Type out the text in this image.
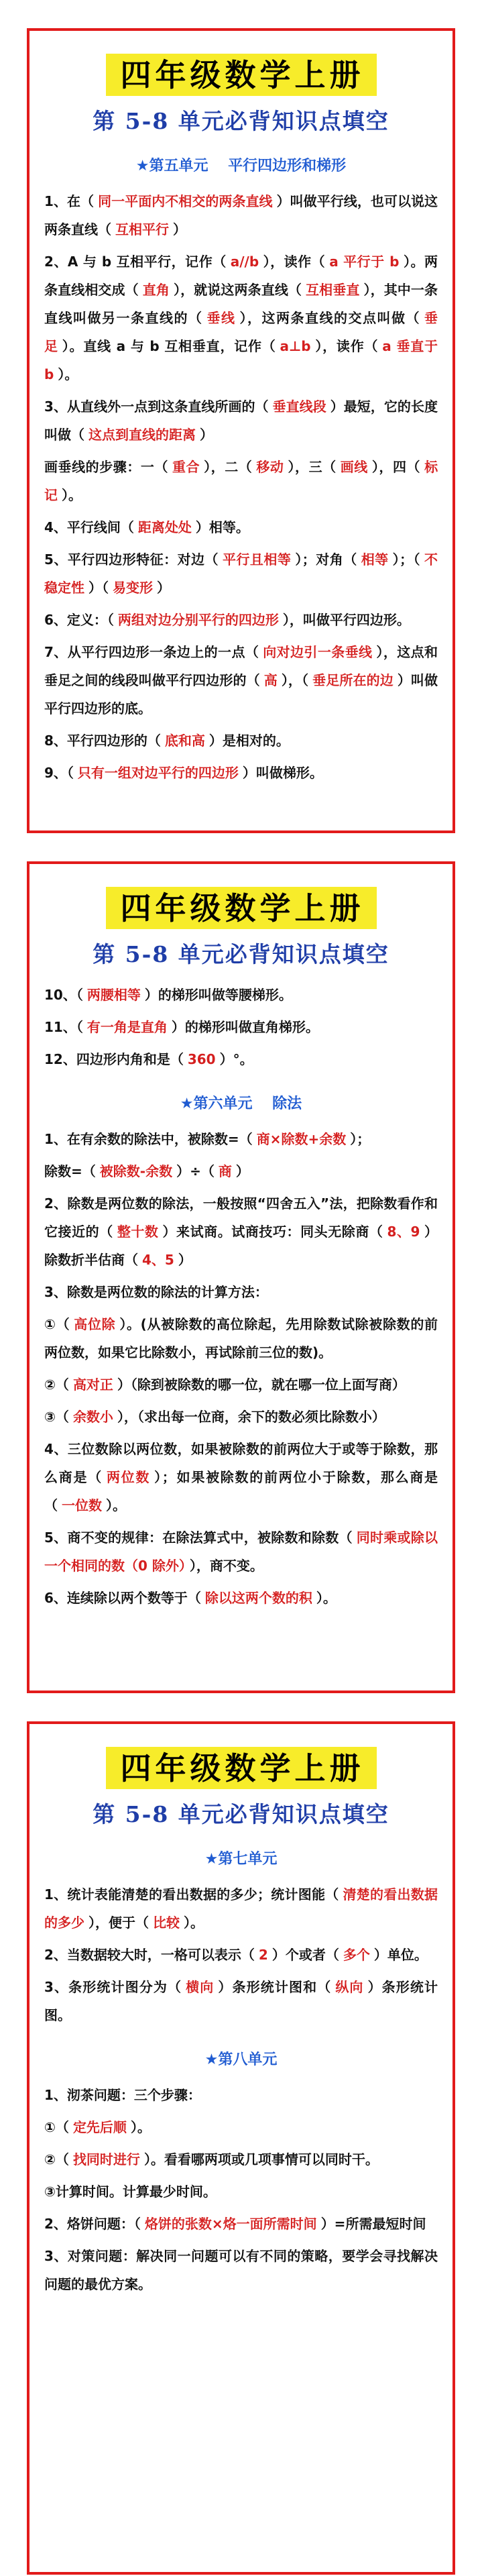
四年级数学上册
第 5-8 单元必背知识点填空
★第五单元　 平行四边形和梯形
1、在（ 同一平面内不相交的两条直线 ）叫做平行线，也可以说这两条直线（ 互相平行 ）
2、A 与 b 互相平行，记作（ a//b ），读作（ a 平行于 b ）。两条直线相交成（ 直角 ），就说这两条直线（ 互相垂直 ），其中一条直线叫做另一条直线的（ 垂线 ），这两条直线的交点叫做（ 垂足 ）。直线 a 与 b 互相垂直，记作（ a⊥b ），读作（ a 垂直于 b ）。
3、从直线外一点到这条直线所画的（ 垂直线段 ）最短，它的长度叫做（ 这点到直线的距离 ）
画垂线的步骤：一（ 重合 ），二（ 移动 ），三（ 画线 ），四（ 标记 ）。
4、平行线间（ 距离处处 ）相等。
5、平行四边形特征：对边（ 平行且相等 ）；对角（ 相等 ）；（ 不稳定性 ）（ 易变形 ）
6、定义：（ 两组对边分别平行的四边形 ），叫做平行四边形。
7、从平行四边形一条边上的一点（ 向对边引一条垂线 ），这点和垂足之间的线段叫做平行四边形的（ 高 ），（ 垂足所在的边 ）叫做平行四边形的底。
8、平行四边形的（ 底和高 ）是相对的。
9、（ 只有一组对边平行的四边形 ）叫做梯形。
四年级数学上册
第 5-8 单元必背知识点填空
10、（ 两腰相等 ）的梯形叫做等腰梯形。
11、（ 有一角是直角 ）的梯形叫做直角梯形。
12、四边形内角和是（ 360 ）°。
★第六单元　 除法
1、在有余数的除法中，被除数=（ 商×除数+余数 ）；
除数=（ 被除数-余数 ）÷（ 商 ）
2、除数是两位数的除法，一般按照“四舍五入”法，把除数看作和它接近的（ 整十数 ）来试商。试商技巧：同头无除商（ 8、9 ）除数折半估商（ 4、5 ）
3、除数是两位数的除法的计算方法：
①（ 高位除 ）。(从被除数的高位除起，先用除数试除被除数的前两位数，如果它比除数小，再试除前三位的数)。
②（ 高对正 ）（除到被除数的哪一位，就在哪一位上面写商）
③（ 余数小 ），（求出每一位商，余下的数必须比除数小）
4、三位数除以两位数，如果被除数的前两位大于或等于除数，那么商是（ 两位数 ）；如果被除数的前两位小于除数，那么商是（ 一位数 ）。
5、商不变的规律：在除法算式中，被除数和除数（ 同时乘或除以一个相同的数（0 除外） ），商不变。
6、连续除以两个数等于（ 除以这两个数的积 ）。
四年级数学上册
第 5-8 单元必背知识点填空
★第七单元
1、统计表能清楚的看出数据的多少；统计图能（ 清楚的看出数据的多少 ），便于（ 比较 ）。
2、当数据较大时，一格可以表示（ 2 ）个或者（ 多个 ）单位。
3、条形统计图分为（ 横向 ）条形统计图和（ 纵向 ）条形统计图。
★第八单元
1、沏茶问题：三个步骤：
①（ 定先后顺 ）。
②（ 找同时进行 ）。看看哪两项或几项事情可以同时干。
③计算时间。计算最少时间。
2、烙饼问题：（ 烙饼的张数×烙一面所需时间 ）=所需最短时间
3、对策问题：解决同一问题可以有不同的策略，要学会寻找解决问题的最优方案。
